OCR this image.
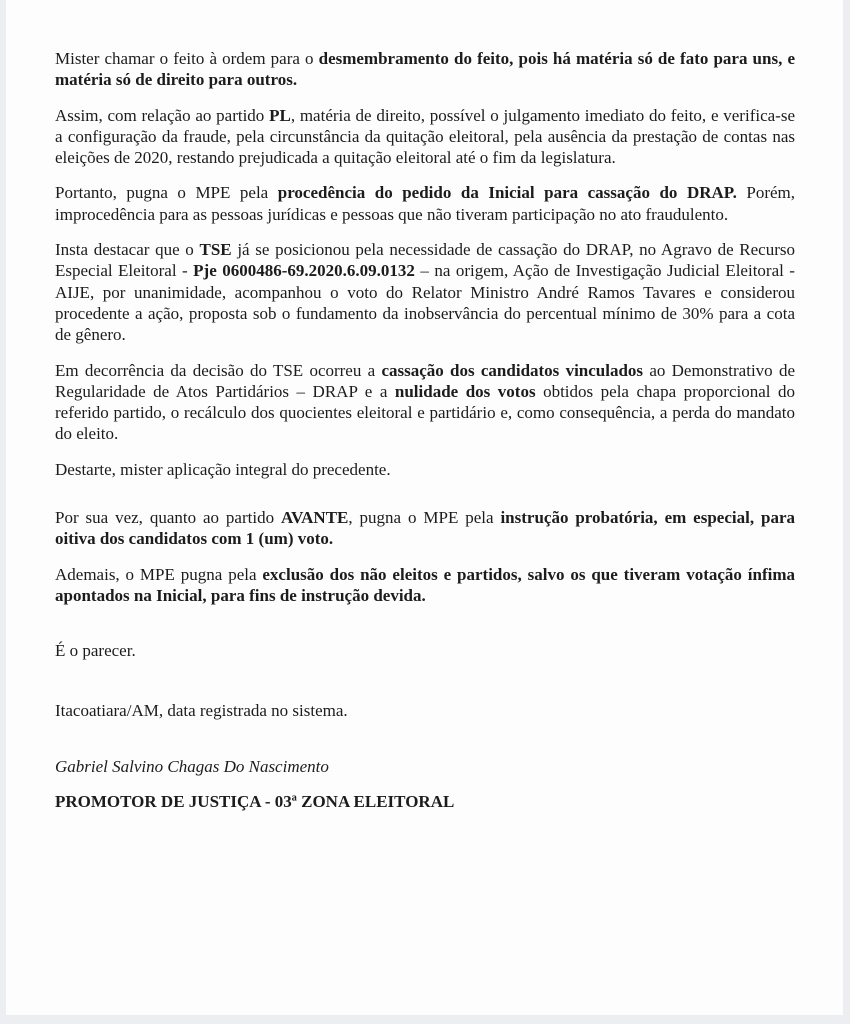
Mister chamar o feito à ordem para o desmembramento do feito, pois há matéria só de fato para uns, e matéria só de direito para outros.

Assim, com relação ao partido PL, matéria de direito, possível o julgamento imediato do feito, e verifica-se a configuração da fraude, pela circunstância da quitação eleitoral, pela ausência da prestação de contas nas eleições de 2020, restando prejudicada a quitação eleitoral até o fim da legislatura.

Portanto, pugna o MPE pela procedência do pedido da Inicial para cassação do DRAP. Porém, improcedência para as pessoas jurídicas e pessoas que não tiveram participação no ato fraudulento.

Insta destacar que o TSE já se posicionou pela necessidade de cassação do DRAP, no Agravo de Recurso Especial Eleitoral - Pje 0600486-69.2020.6.09.0132 – na origem, Ação de Investigação Judicial Eleitoral - AIJE, por unanimidade, acompanhou o voto do Relator Ministro André Ramos Tavares e considerou procedente a ação, proposta sob o fundamento da inobservância do percentual mínimo de 30% para a cota de gênero.

Em decorrência da decisão do TSE ocorreu a cassação dos candidatos vinculados ao Demonstrativo de Regularidade de Atos Partidários – DRAP e a nulidade dos votos obtidos pela chapa proporcional do referido partido, o recálculo dos quocientes eleitoral e partidário e, como consequência, a perda do mandato do eleito.

Destarte, mister aplicação integral do precedente.

Por sua vez, quanto ao partido AVANTE, pugna o MPE pela instrução probatória, em especial, para oitiva dos candidatos com 1 (um) voto.

Ademais, o MPE pugna pela exclusão dos não eleitos e partidos, salvo os que tiveram votação ínfima apontados na Inicial, para fins de instrução devida.

É o parecer.

Itacoatiara/AM, data registrada no sistema.

Gabriel Salvino Chagas Do Nascimento

PROMOTOR DE JUSTIÇA - 03ª ZONA ELEITORAL
